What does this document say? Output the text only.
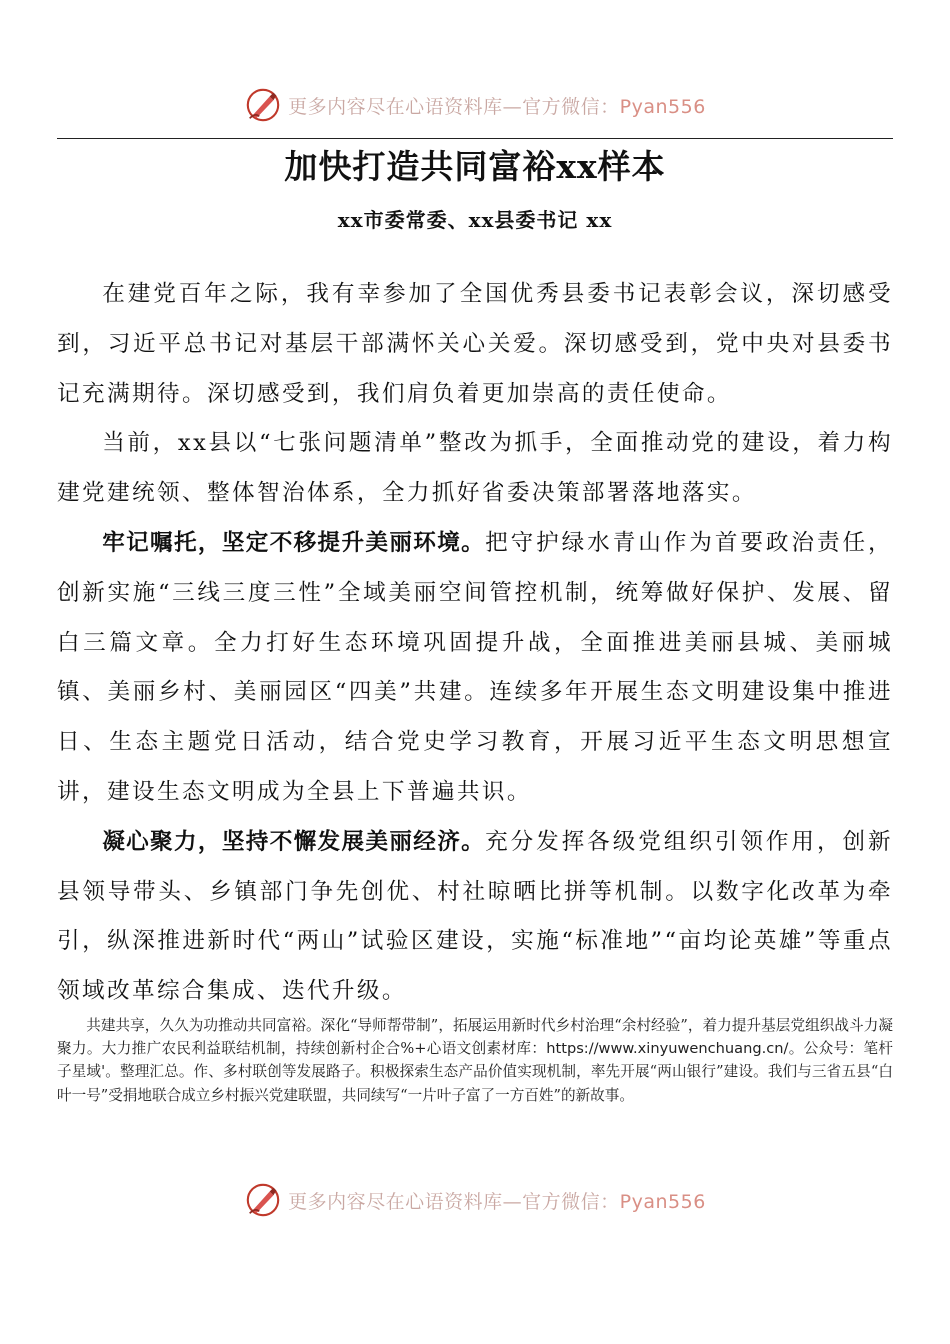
更多内容尽在心语资料库—官方微信：Pyan556
加快打造共同富裕xx样本
xx市委常委、xx县委书记 xx

在建党百年之际，我有幸参加了全国优秀县委书记表彰会议，深切感受到，习近平总书记对基层干部满怀关心关爱。深切感受到，党中央对县委书记充满期待。深切感受到，我们肩负着更加崇高的责任使命。

当前，xx县以“七张问题清单”整改为抓手，全面推动党的建设，着力构建党建统领、整体智治体系，全力抓好省委决策部署落地落实。

牢记嘱托，坚定不移提升美丽环境。把守护绿水青山作为首要政治责任，创新实施“三线三度三性”全域美丽空间管控机制，统筹做好保护、发展、留白三篇文章。全力打好生态环境巩固提升战，全面推进美丽县城、美丽城镇、美丽乡村、美丽园区“四美”共建。连续多年开展生态文明建设集中推进日、生态主题党日活动，结合党史学习教育，开展习近平生态文明思想宣讲，建设生态文明成为全县上下普遍共识。

凝心聚力，坚持不懈发展美丽经济。充分发挥各级党组织引领作用，创新县领导带头、乡镇部门争先创优、村社晾晒比拼等机制。以数字化改革为牵引，纵深推进新时代“两山”试验区建设，实施“标准地”“亩均论英雄”等重点领域改革综合集成、迭代升级。

共建共享，久久为功推动共同富裕。深化“导师帮带制”，拓展运用新时代乡村治理“余村经验”，着力提升基层党组织战斗力凝聚力。大力推广农民利益联结机制，持续创新村企合%+心语文创素材库：https://www.xinyuwenchuang.cn/。公众号：笔杆子星域'。整理汇总。作、多村联创等发展路子。积极探索生态产品价值实现机制，率先开展“两山银行”建设。我们与三省五县“白叶一号”受捐地联合成立乡村振兴党建联盟，共同续写“一片叶子富了一方百姓”的新故事。
更多内容尽在心语资料库—官方微信：Pyan556
